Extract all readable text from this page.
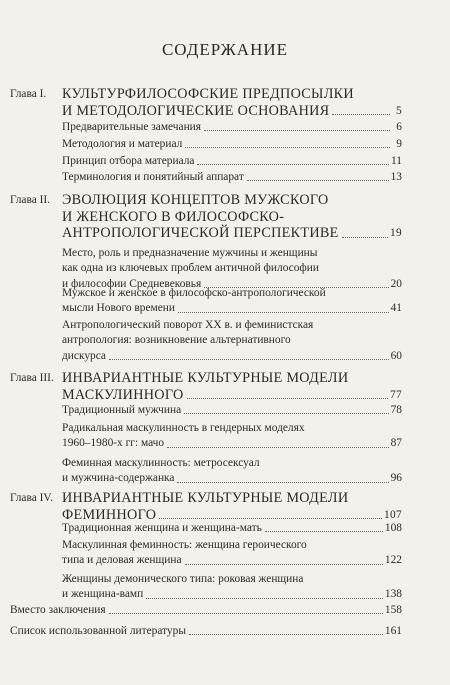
СОДЕРЖАНИЕ
Глава I.	КУЛЬТУРФИЛОСОФСКИЕ ПРЕДПОСЫЛКИ
И МЕТОДОЛОГИЧЕСКИЕ ОСНОВАНИЯ	5
Предварительные замечания	6
Методология и материал	9
Принцип отбора материала	11
Терминология и понятийный аппарат	13
Глава II. ЭВОЛЮЦИЯ КОНЦЕПТОВ МУЖСКОГО
И ЖЕНСКОГО В ФИЛОСОФСКО-
АНТРОПОЛОГИЧЕСКОЙ ПЕРСПЕКТИВЕ	19
Место, роль и предназначение мужчины и женщины
как одна из ключевых проблем античной философии
и философии Средневековья	20
Мужское и женское в философско-антропологической
мысли Нового времени	41
Антропологический поворот XX в. и феминистская
антропология: возникновение альтернативного
дискурса	60
Глава III. ИНВАРИАНТНЫЕ КУЛЬТУРНЫЕ МОДЕЛИ
МАСКУЛИННОГО	77
Традиционный мужчина	78
Радикальная маскулинность в гендерных моделях
1960–1980-х гг: мачо	87
Феминная маскулинность: метросексуал
и мужчина-содержанка	96
Глава IV. ИНВАРИАНТНЫЕ КУЛЬТУРНЫЕ МОДЕЛИ
ФЕМИННОГО	107
Традиционная женщина и женщина-мать	108
Маскулинная феминность: женщина героического
типа и деловая женщина	122
Женщины демонического типа: роковая женщина
и женщина-вамп	138
Вместо заключения	158
Список использованной литературы	161
